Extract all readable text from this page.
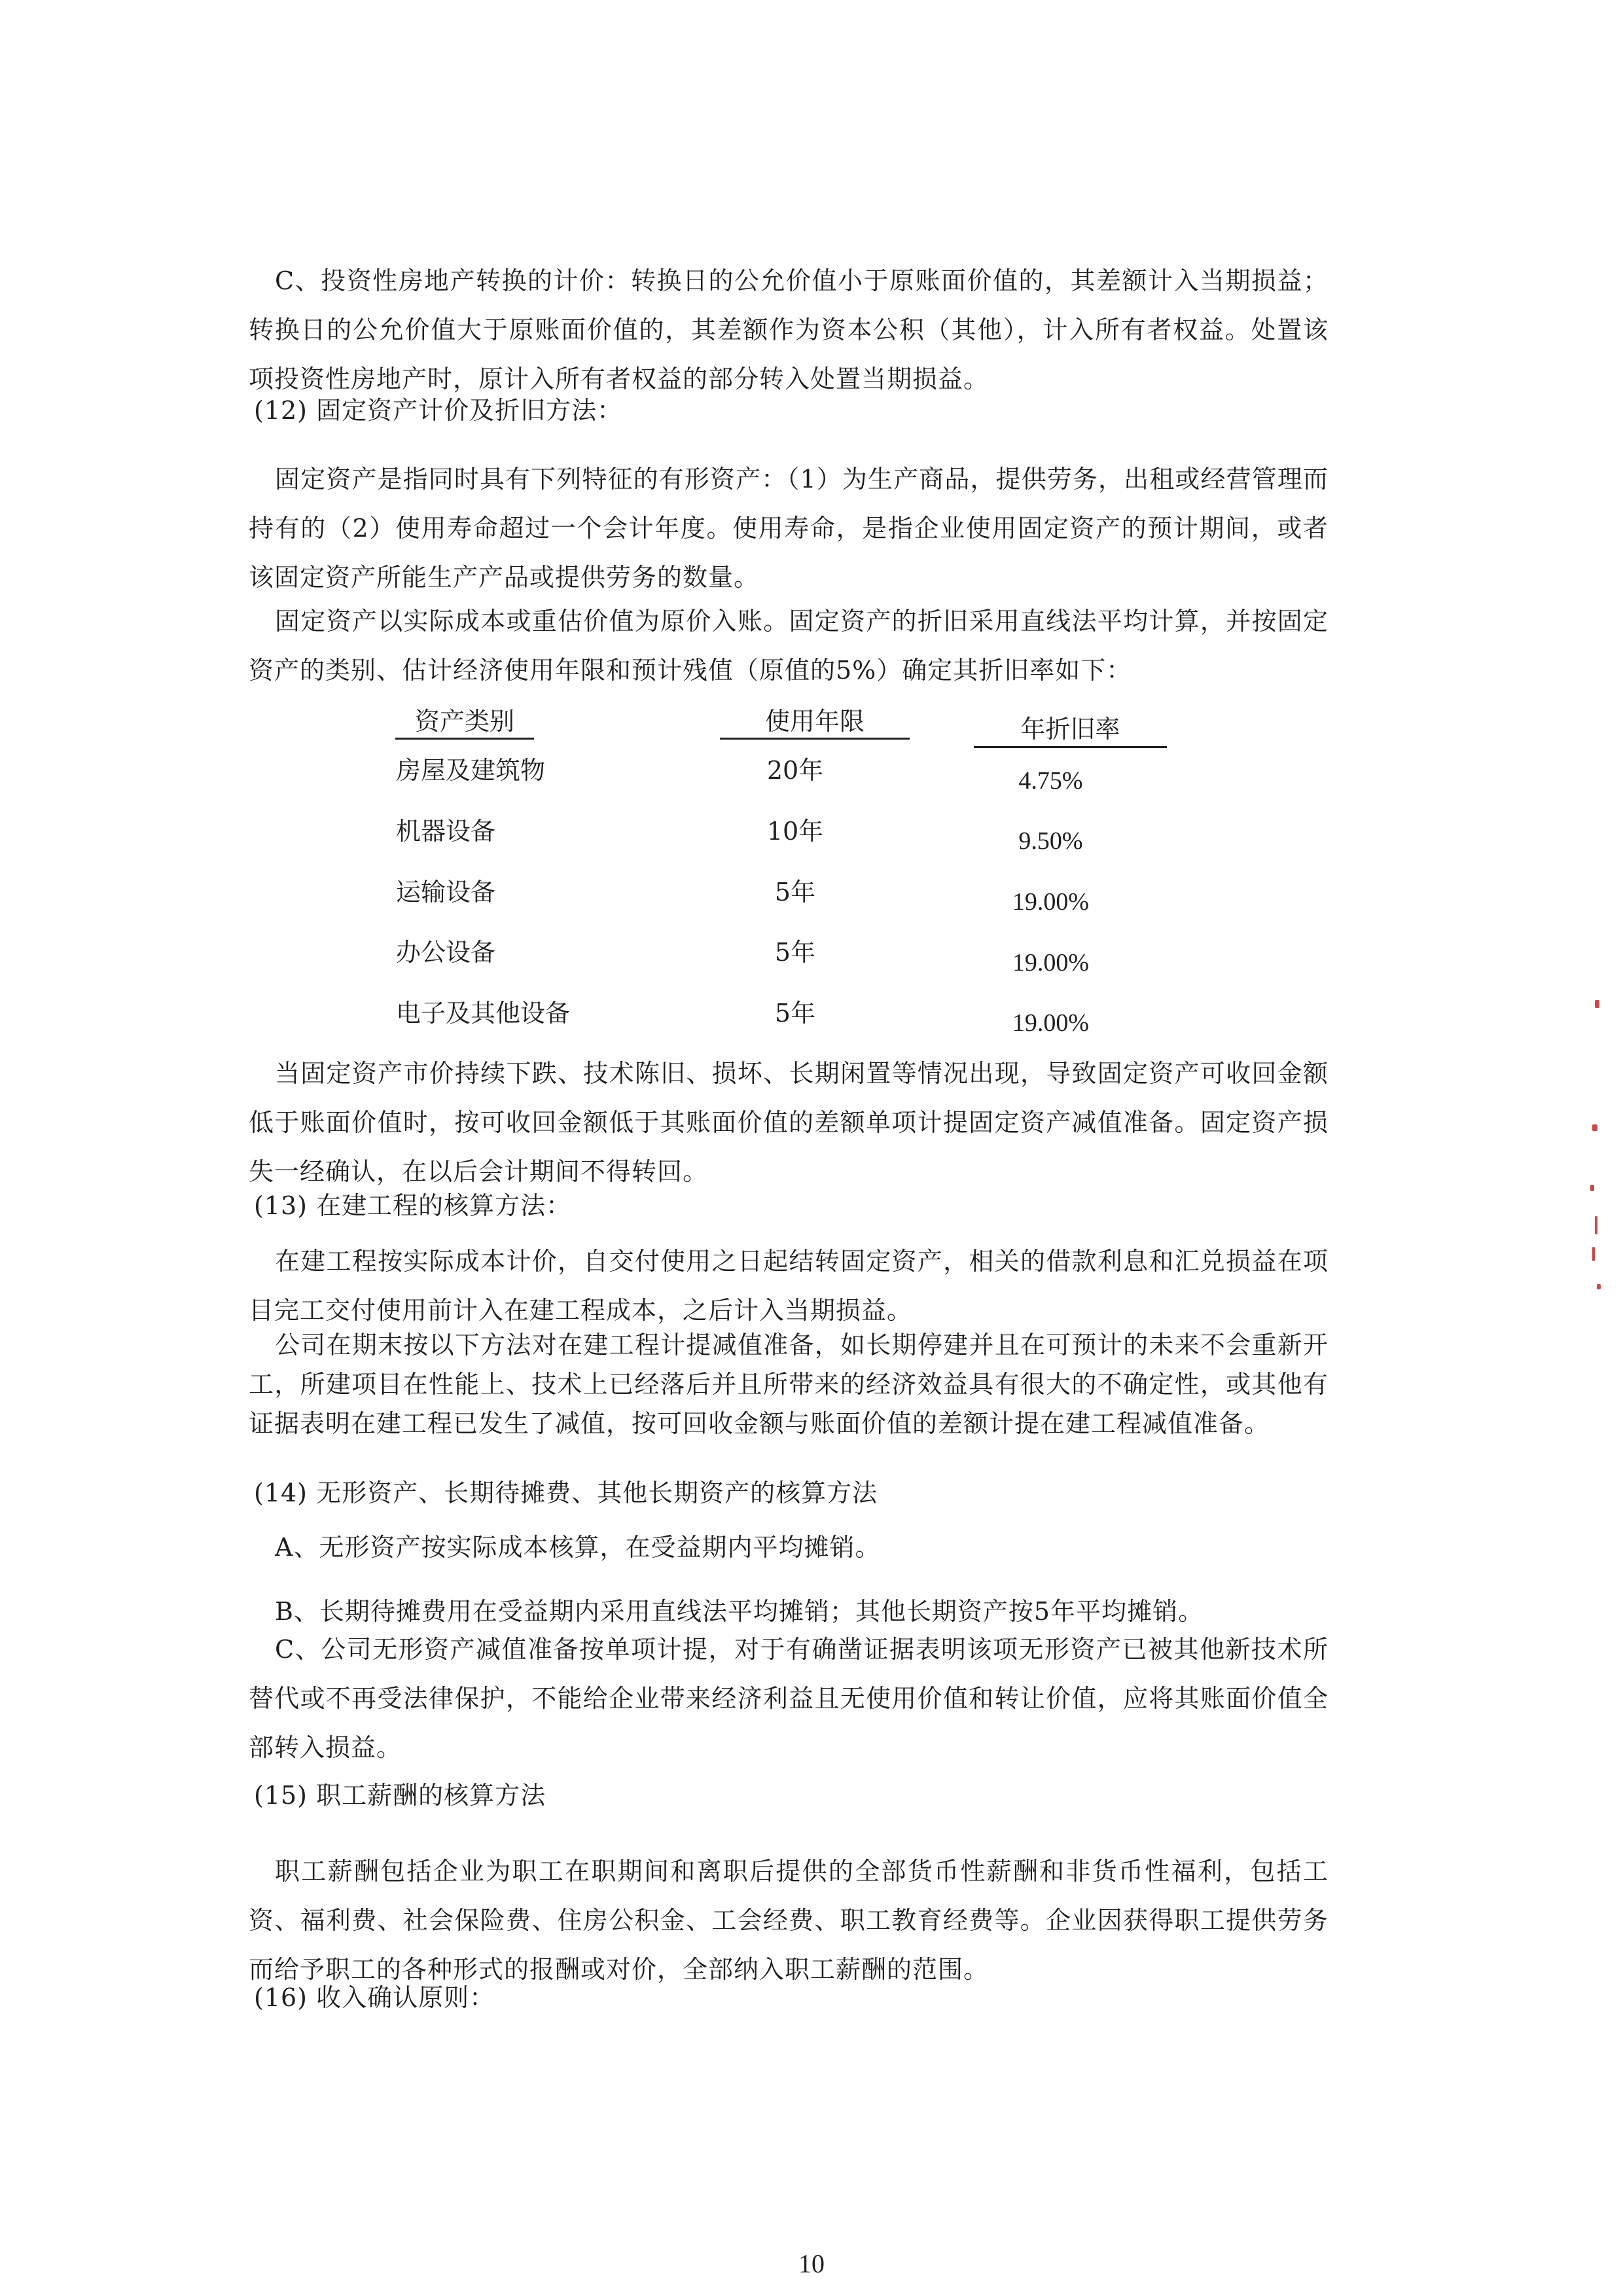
C、投资性房地产转换的计价：转换日的公允价值小于原账面价值的，其差额计入当期损益；转换日的公允价值大于原账面价值的，其差额作为资本公积（其他），计入所有者权益。处置该项投资性房地产时，原计入所有者权益的部分转入处置当期损益。

(12) 固定资产计价及折旧方法：

固定资产是指同时具有下列特征的有形资产：（1）为生产商品，提供劳务，出租或经营管理而持有的（2）使用寿命超过一个会计年度。使用寿命，是指企业使用固定资产的预计期间，或者该固定资产所能生产产品或提供劳务的数量。

固定资产以实际成本或重估价值为原价入账。固定资产的折旧采用直线法平均计算，并按固定资产的类别、估计经济使用年限和预计残值（原值的5%）确定其折旧率如下：

资产类别	使用年限	年折旧率
房屋及建筑物	20年	4.75%
机器设备	10年	9.50%
运输设备	5年	19.00%
办公设备	5年	19.00%
电子及其他设备	5年	19.00%

当固定资产市价持续下跌、技术陈旧、损坏、长期闲置等情况出现，导致固定资产可收回金额低于账面价值时，按可收回金额低于其账面价值的差额单项计提固定资产减值准备。固定资产损失一经确认，在以后会计期间不得转回。

(13) 在建工程的核算方法：

在建工程按实际成本计价，自交付使用之日起结转固定资产，相关的借款利息和汇兑损益在项目完工交付使用前计入在建工程成本，之后计入当期损益。

公司在期末按以下方法对在建工程计提减值准备，如长期停建并且在可预计的未来不会重新开工，所建项目在性能上、技术上已经落后并且所带来的经济效益具有很大的不确定性，或其他有证据表明在建工程已发生了减值，按可回收金额与账面价值的差额计提在建工程减值准备。

(14) 无形资产、长期待摊费、其他长期资产的核算方法

A、无形资产按实际成本核算，在受益期内平均摊销。

B、长期待摊费用在受益期内采用直线法平均摊销；其他长期资产按5年平均摊销。

C、公司无形资产减值准备按单项计提，对于有确凿证据表明该项无形资产已被其他新技术所替代或不再受法律保护，不能给企业带来经济利益且无使用价值和转让价值，应将其账面价值全部转入损益。

(15) 职工薪酬的核算方法

职工薪酬包括企业为职工在职期间和离职后提供的全部货币性薪酬和非货币性福利，包括工资、福利费、社会保险费、住房公积金、工会经费、职工教育经费等。企业因获得职工提供劳务而给予职工的各种形式的报酬或对价，全部纳入职工薪酬的范围。

(16) 收入确认原则：

10
